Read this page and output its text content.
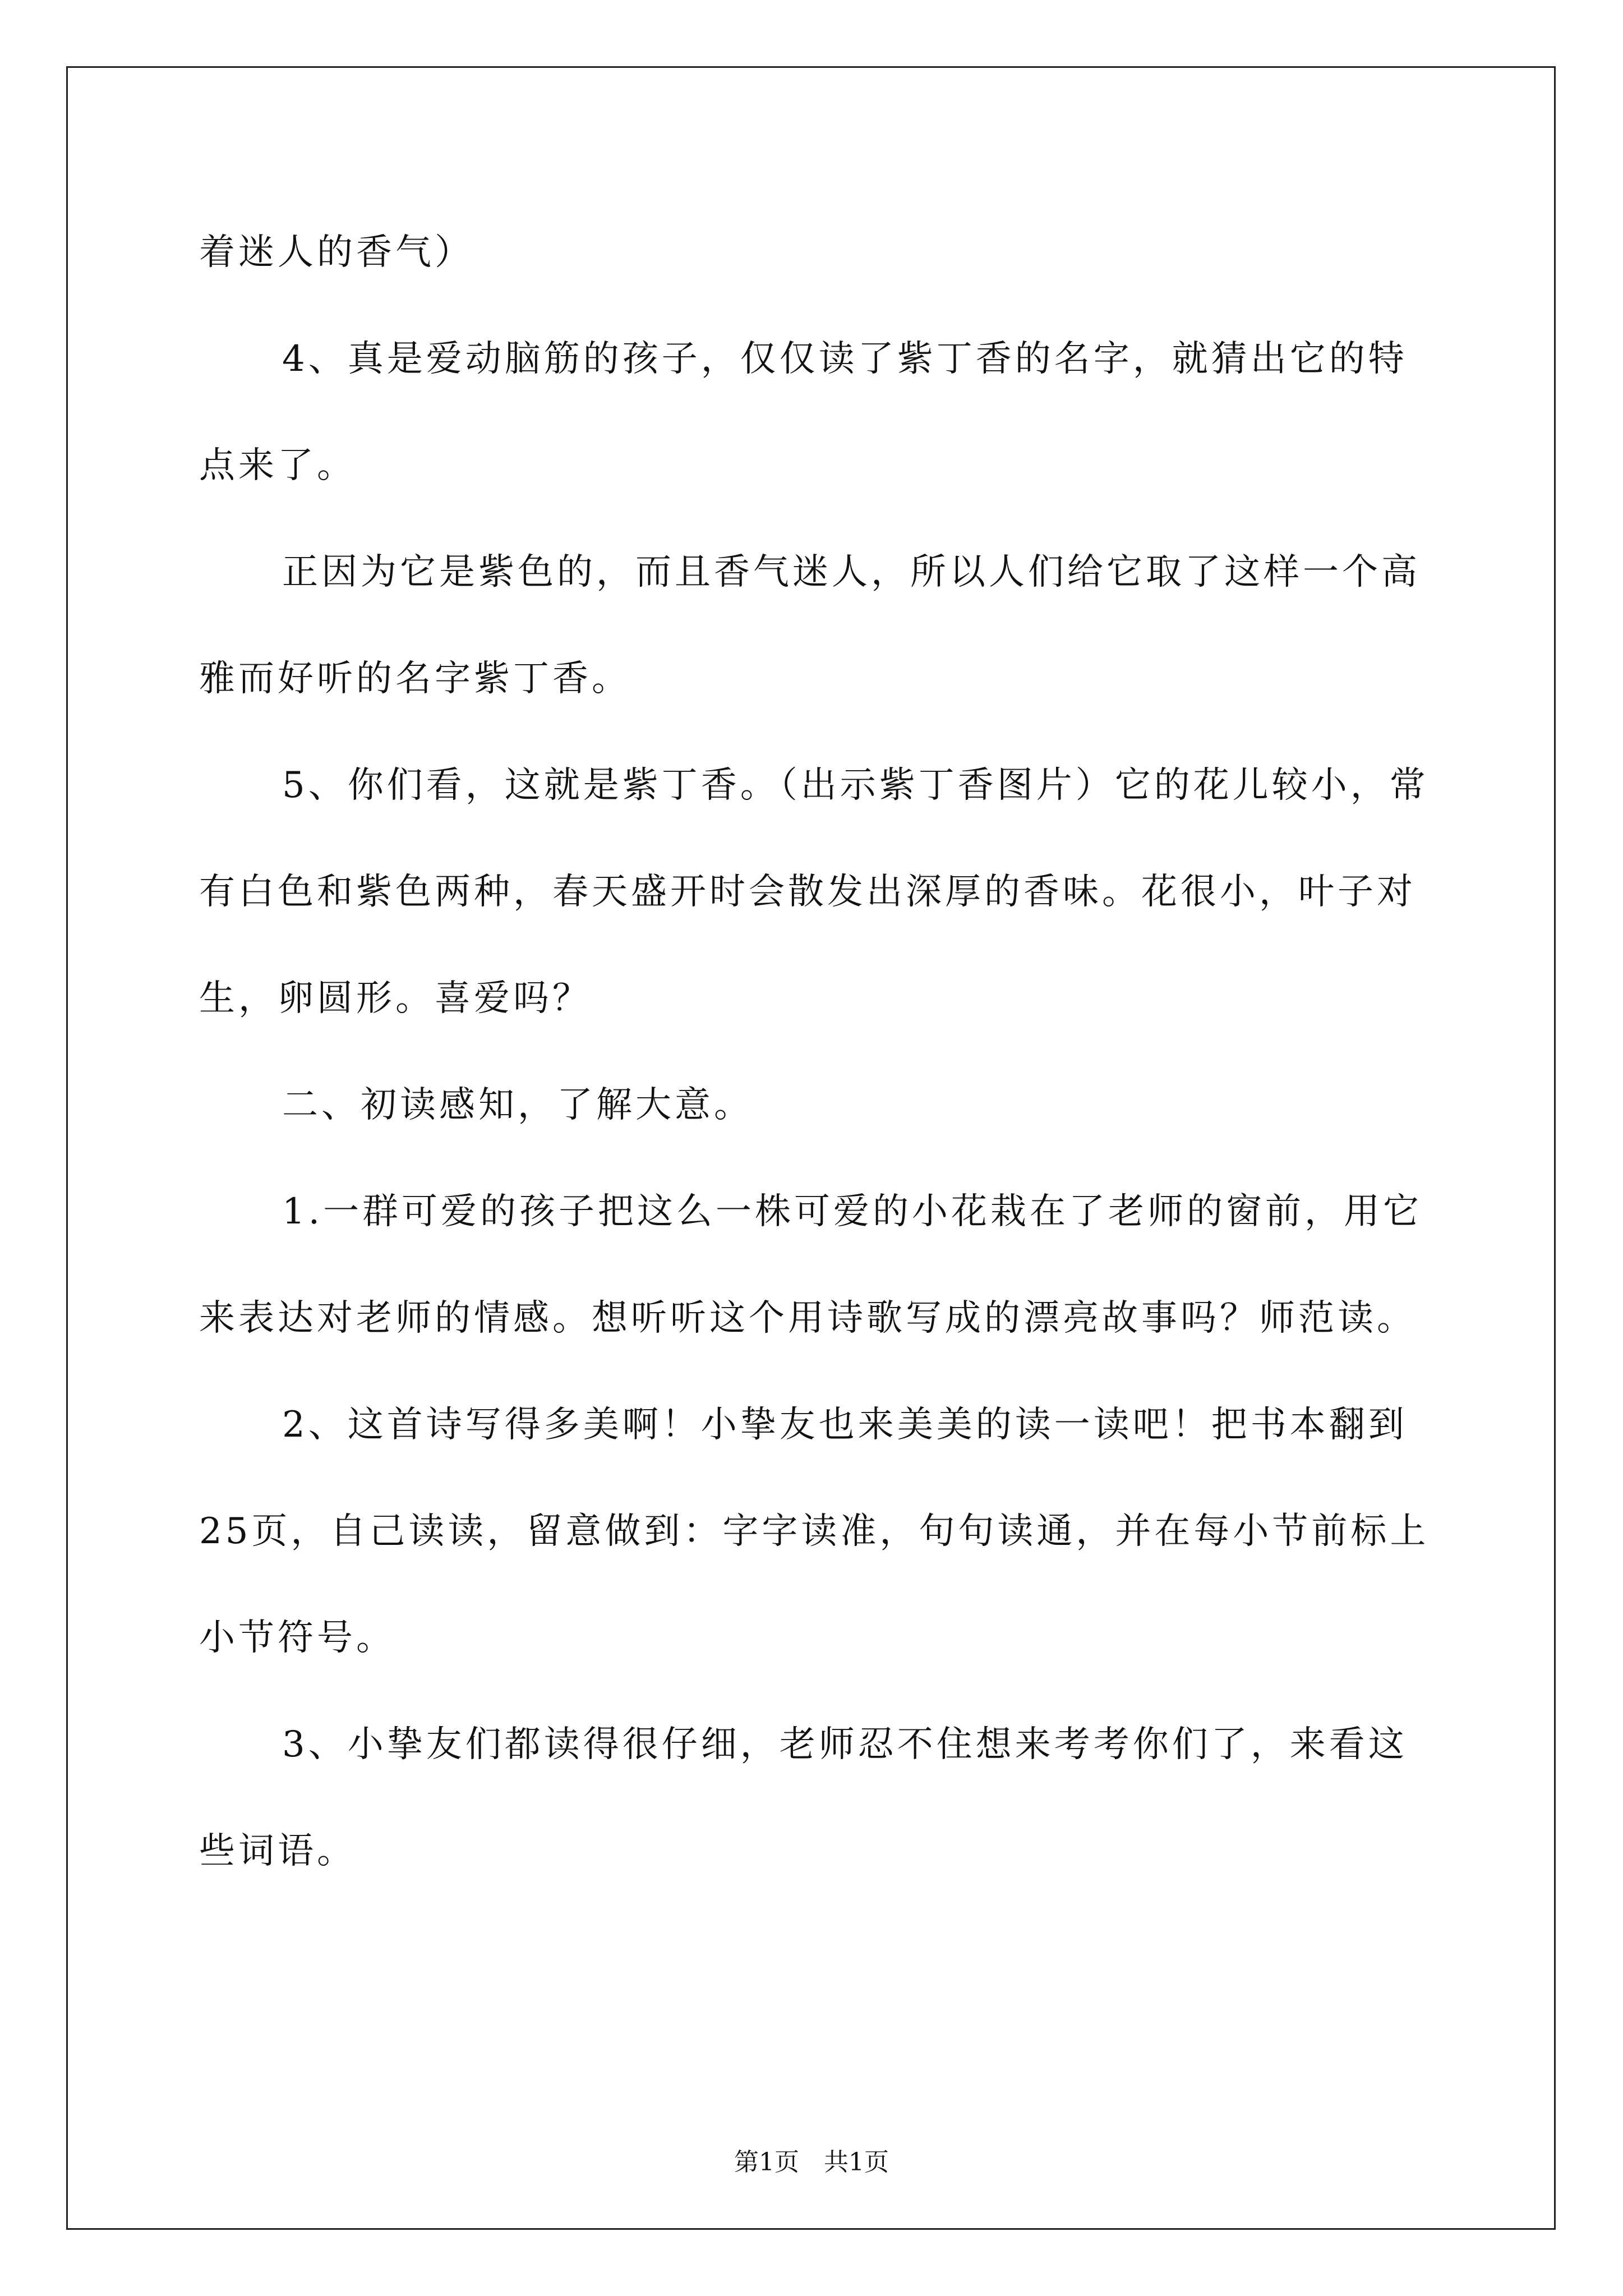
着迷人的香气）

4、真是爱动脑筋的孩子，仅仅读了紫丁香的名字，就猜出它的特点来了。

正因为它是紫色的，而且香气迷人，所以人们给它取了这样一个高雅而好听的名字紫丁香。

5、你们看，这就是紫丁香。（出示紫丁香图片）它的花儿较小，常有白色和紫色两种，春天盛开时会散发出深厚的香味。花很小，叶子对生，卵圆形。喜爱吗？

二、初读感知，了解大意。

1.一群可爱的孩子把这么一株可爱的小花栽在了老师的窗前，用它来表达对老师的情感。想听听这个用诗歌写成的漂亮故事吗？师范读。

2、这首诗写得多美啊！小挚友也来美美的读一读吧！把书本翻到25页，自己读读，留意做到：字字读准，句句读通，并在每小节前标上小节符号。

3、小挚友们都读得很仔细，老师忍不住想来考考你们了，来看这些词语。

第1页　共1页
